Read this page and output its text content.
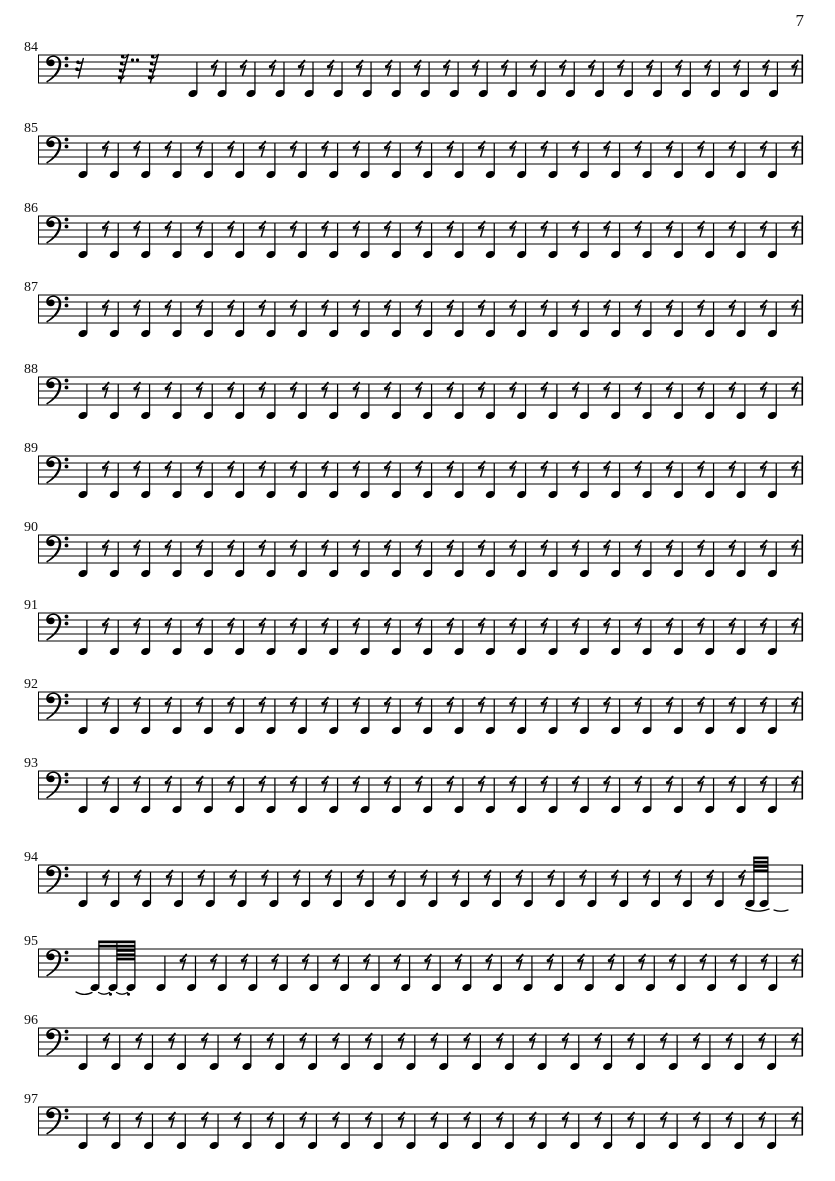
7
84
85
86
87
88
89
90
91
92
93
94
95
96
97
